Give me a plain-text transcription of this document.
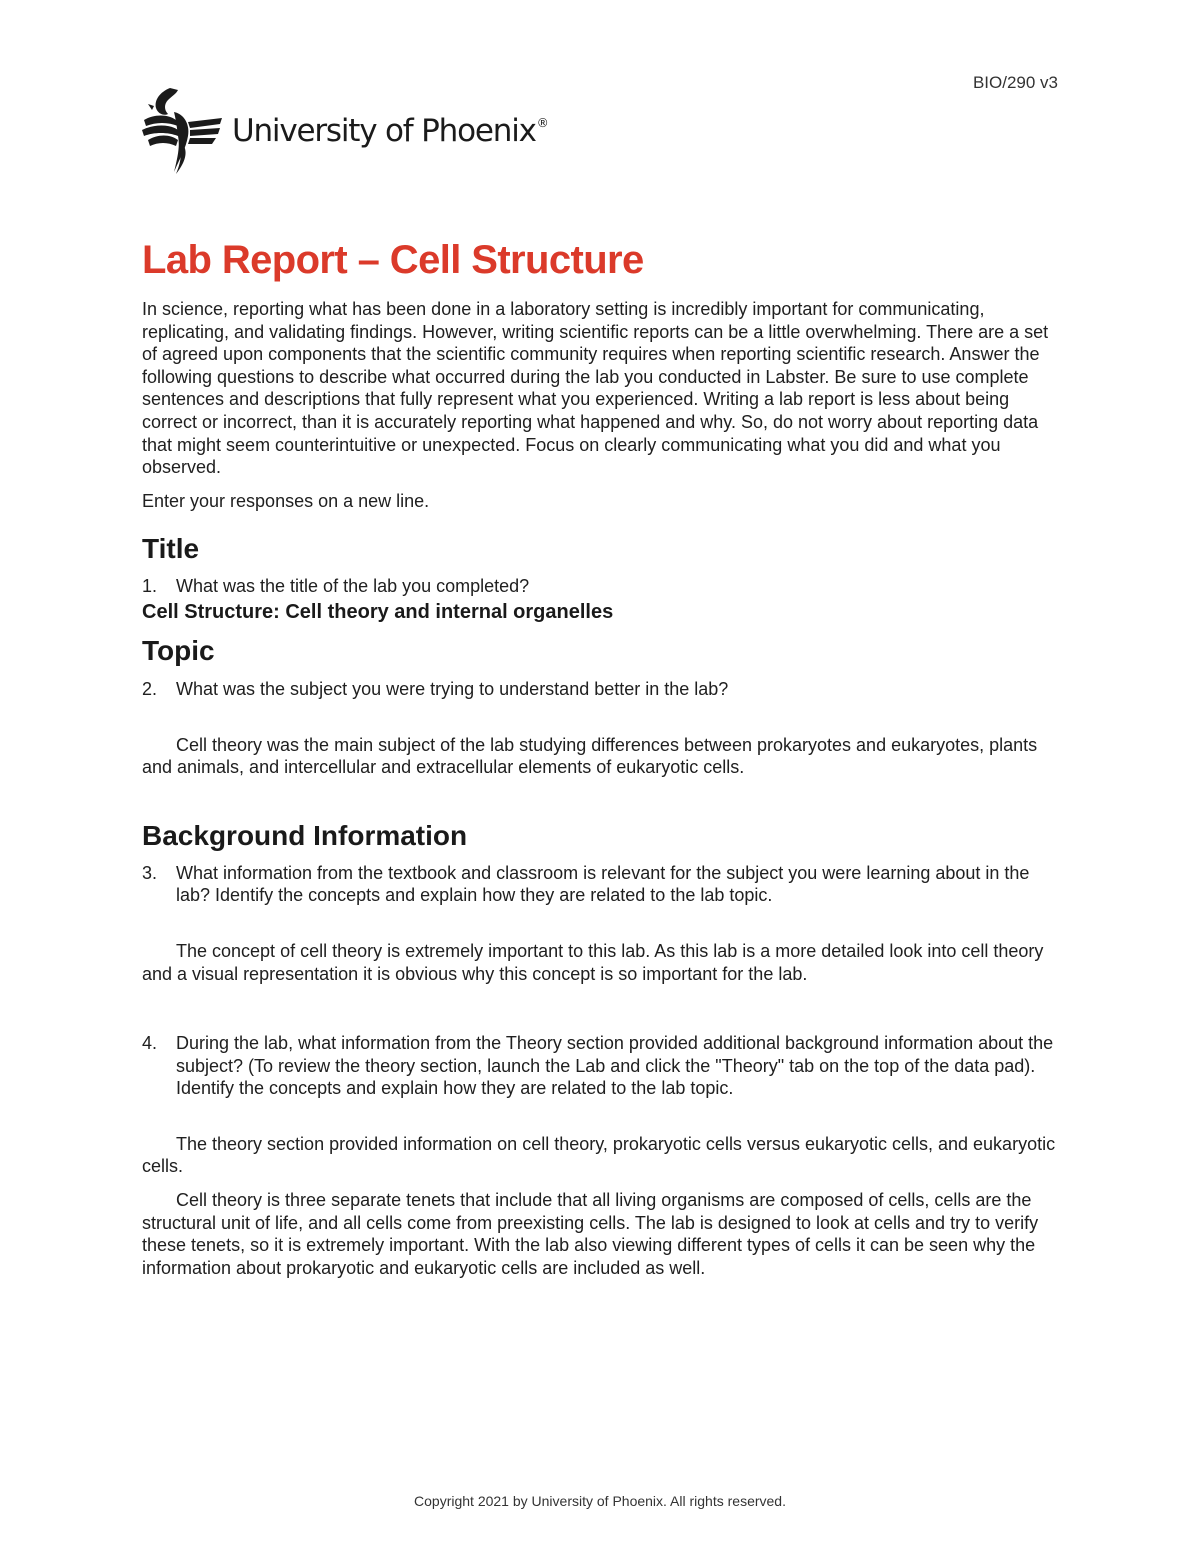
BIO/290 v3
University of Phoenix®
Lab Report – Cell Structure

In science, reporting what has been done in a laboratory setting is incredibly important for communicating, replicating, and validating findings. However, writing scientific reports can be a little overwhelming. There are a set of agreed upon components that the scientific community requires when reporting scientific research. Answer the following questions to describe what occurred during the lab you conducted in Labster. Be sure to use complete sentences and descriptions that fully represent what you experienced. Writing a lab report is less about being correct or incorrect, than it is accurately reporting what happened and why. So, do not worry about reporting data that might seem counterintuitive or unexpected. Focus on clearly communicating what you did and what you observed.

Enter your responses on a new line.

Title
1.	What was the title of the lab you completed?
Cell Structure: Cell theory and internal organelles
Topic
2.	What was the subject you were trying to understand better in the lab?

Cell theory was the main subject of the lab studying differences between prokaryotes and eukaryotes, plants and animals, and intercellular and extracellular elements of eukaryotic cells.

Background Information
3.	What information from the textbook and classroom is relevant for the subject you were learning about in the lab? Identify the concepts and explain how they are related to the lab topic.

The concept of cell theory is extremely important to this lab. As this lab is a more detailed look into cell theory and a visual representation it is obvious why this concept is so important for the lab.

4.	During the lab, what information from the Theory section provided additional background information about the subject? (To review the theory section, launch the Lab and click the "Theory" tab on the top of the data pad). Identify the concepts and explain how they are related to the lab topic.

The theory section provided information on cell theory, prokaryotic cells versus eukaryotic cells, and eukaryotic cells.

Cell theory is three separate tenets that include that all living organisms are composed of cells, cells are the structural unit of life, and all cells come from preexisting cells. The lab is designed to look at cells and try to verify these tenets, so it is extremely important. With the lab also viewing different types of cells it can be seen why the information about prokaryotic and eukaryotic cells are included as well.

Copyright 2021 by University of Phoenix. All rights reserved.
